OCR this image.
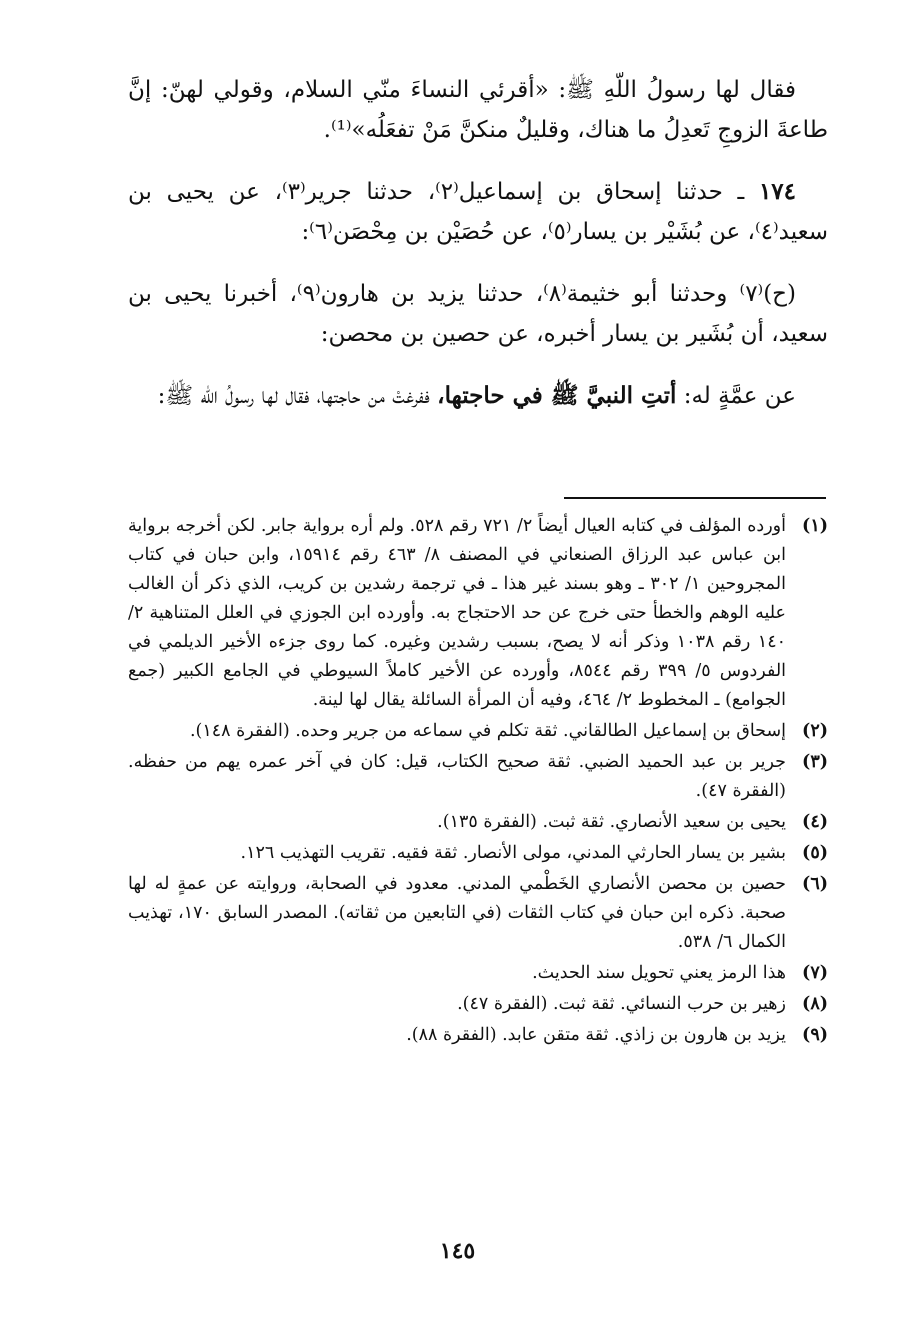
فقال لها رسولُ اللّهِ ﷺ: «أقرئي النساءَ منّي السلام، وقولي لهنّ: إنَّ طاعةَ الزوجِ تَعدِلُ ما هناك، وقليلٌ منكنَّ مَنْ تفعَلُه»⁽¹⁾.

١٧٤ ـ حدثنا إسحاق بن إسماعيل⁽٢⁾، حدثنا جرير⁽٣⁾، عن يحيى بن سعيد⁽٤⁾، عن بُشَيْر بن يسار⁽٥⁾، عن حُصَيْن بن مِحْصَن⁽٦⁾:

(ح)⁽٧⁾ وحدثنا أبو خثيمة⁽٨⁾، حدثنا يزيد بن هارون⁽٩⁾، أخبرنا يحيى بن سعيد، أن بُشَير بن يسار أخبره، عن حصين بن محصن:

عن عمَّةٍ له: أتتِ النبيَّ ﷺ في حاجتها، ففرغتْ من حاجتها، فقال لها رسولُ الله ﷺ:

(١)
أورده المؤلف في كتابه العيال أيضاً ٢/ ٧٢١ رقم ٥٢٨. ولم أره برواية جابر. لكن أخرجه برواية ابن عباس عبد الرزاق الصنعاني في المصنف ٨/ ٤٦٣ رقم ١٥٩١٤، وابن حبان في كتاب المجروحين ١/ ٣٠٢ ـ وهو بسند غير هذا ـ في ترجمة رشدين بن كريب، الذي ذكر أن الغالب عليه الوهم والخطأ حتى خرج عن حد الاحتجاج به. وأورده ابن الجوزي في العلل المتناهية ٢/ ١٤٠ رقم ١٠٣٨ وذكر أنه لا يصح، بسبب رشدين وغيره. كما روى جزءه الأخير الديلمي في الفردوس ٥/ ٣٩٩ رقم ٨٥٤٤، وأورده عن الأخير كاملاً السيوطي في الجامع الكبير (جمع الجوامع) ـ المخطوط ٢/ ٤٦٤، وفيه أن المرأة السائلة يقال لها لينة.
(٢)
إسحاق بن إسماعيل الطالقاني. ثقة تكلم في سماعه من جرير وحده. (الفقرة ١٤٨).
(٣)
جرير بن عبد الحميد الضبي. ثقة صحيح الكتاب، قيل: كان في آخر عمره يهم من حفظه. (الفقرة ٤٧).
(٤)
يحيى بن سعيد الأنصاري. ثقة ثبت. (الفقرة ١٣٥).
(٥)
بشير بن يسار الحارثي المدني، مولى الأنصار. ثقة فقيه. تقريب التهذيب ١٢٦.
(٦)
حصين بن محصن الأنصاري الخَطْمي المدني. معدود في الصحابة، وروايته عن عمةٍ له لها صحبة. ذكره ابن حبان في كتاب الثقات (في التابعين من ثقاته). المصدر السابق ١٧٠، تهذيب الكمال ٦/ ٥٣٨.
(٧)
هذا الرمز يعني تحويل سند الحديث.
(٨)
زهير بن حرب النسائي. ثقة ثبت. (الفقرة ٤٧).
(٩)
يزيد بن هارون بن زاذي. ثقة متقن عابد. (الفقرة ٨٨).
١٤٥
